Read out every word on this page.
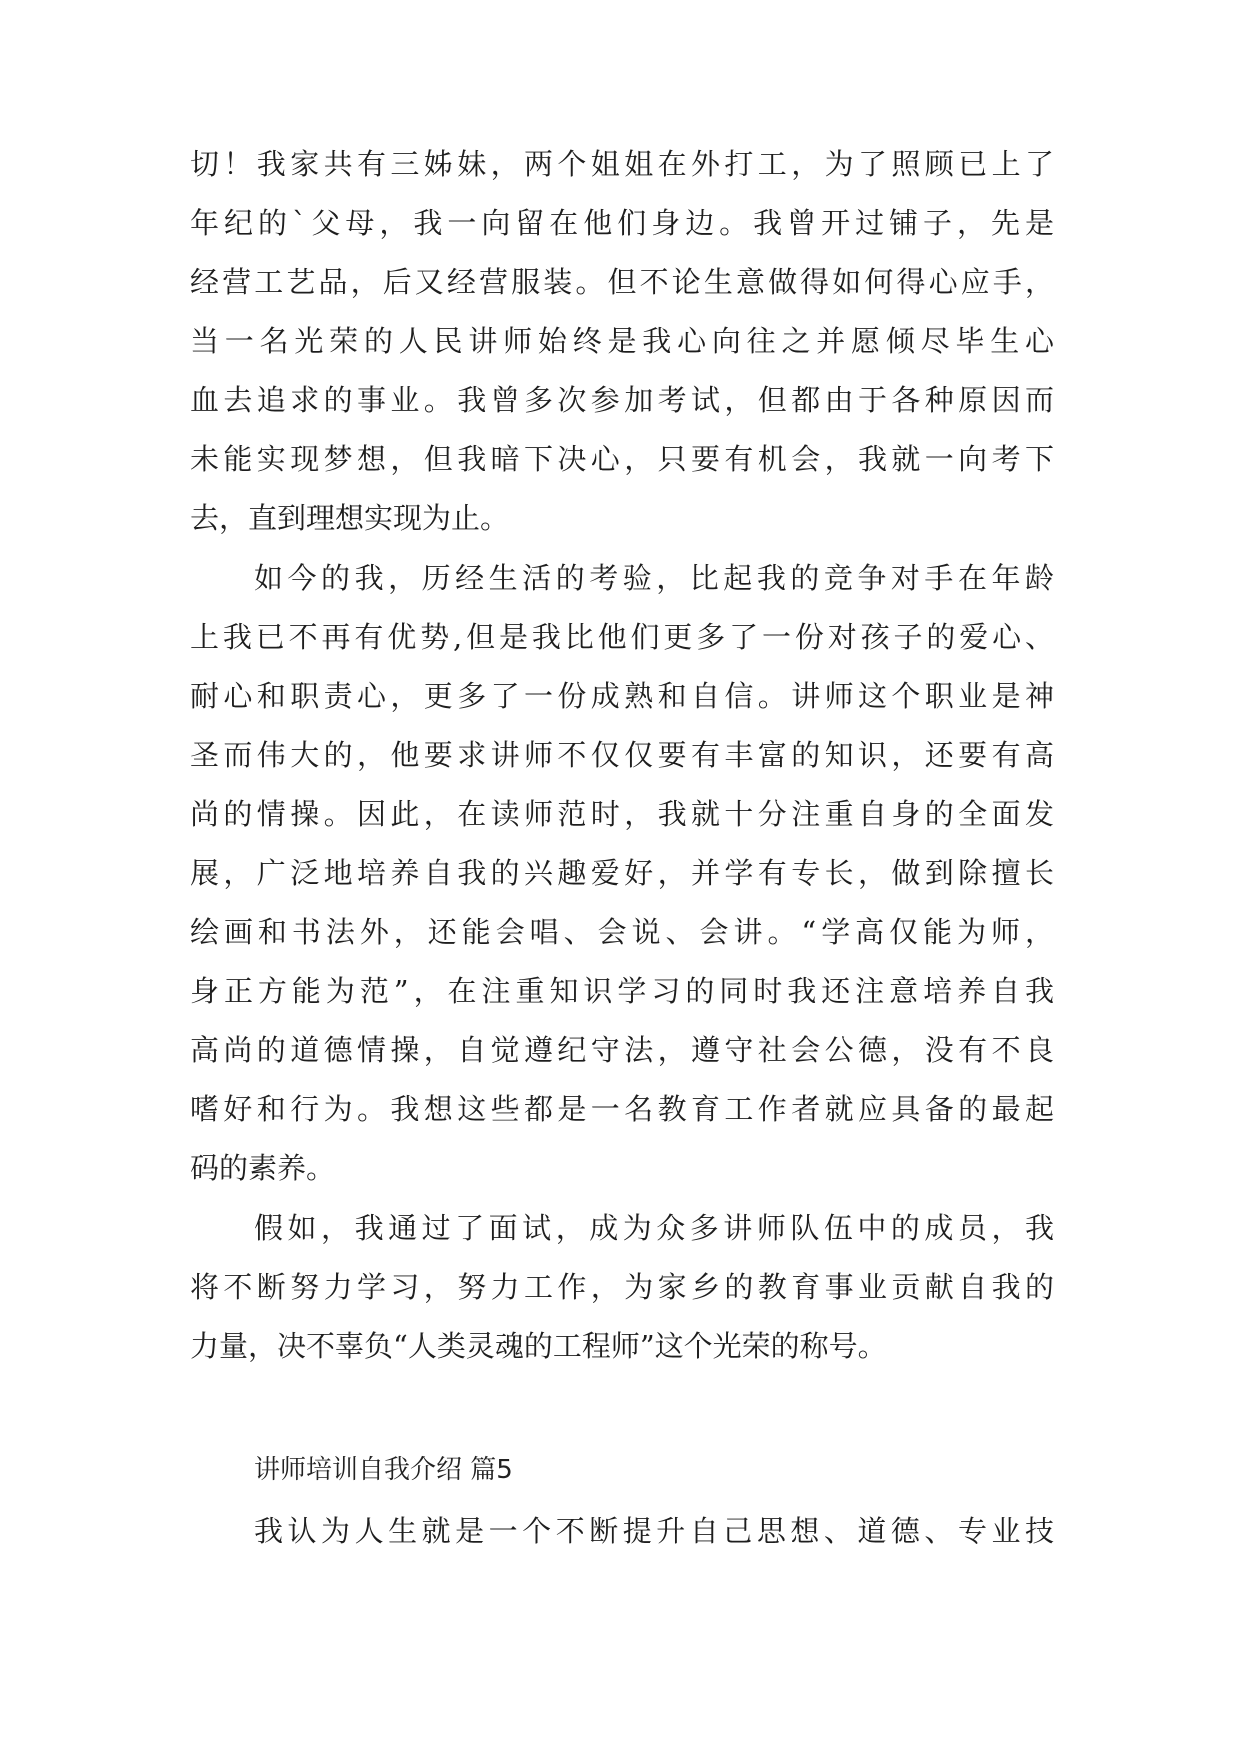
切！我家共有三姊妹，两个姐姐在外打工，为了照顾已上了
年纪的`父母，我一向留在他们身边。我曾开过铺子，先是
经营工艺品，后又经营服装。但不论生意做得如何得心应手，
当一名光荣的人民讲师始终是我心向往之并愿倾尽毕生心
血去追求的事业。我曾多次参加考试，但都由于各种原因而
未能实现梦想，但我暗下决心，只要有机会，我就一向考下
去，直到理想实现为止。
如今的我，历经生活的考验，比起我的竞争对手在年龄
上我已不再有优势,但是我比他们更多了一份对孩子的爱心、
耐心和职责心，更多了一份成熟和自信。讲师这个职业是神
圣而伟大的，他要求讲师不仅仅要有丰富的知识，还要有高
尚的情操。因此，在读师范时，我就十分注重自身的全面发
展，广泛地培养自我的兴趣爱好，并学有专长，做到除擅长
绘画和书法外，还能会唱、会说、会讲。“学高仅能为师，
身正方能为范”，在注重知识学习的同时我还注意培养自我
高尚的道德情操，自觉遵纪守法，遵守社会公德，没有不良
嗜好和行为。我想这些都是一名教育工作者就应具备的最起
码的素养。
假如，我通过了面试，成为众多讲师队伍中的成员，我
将不断努力学习，努力工作，为家乡的教育事业贡献自我的
力量，决不辜负“人类灵魂的工程师”这个光荣的称号。
讲师培训自我介绍 篇5
我认为人生就是一个不断提升自己思想、道德、专业技
